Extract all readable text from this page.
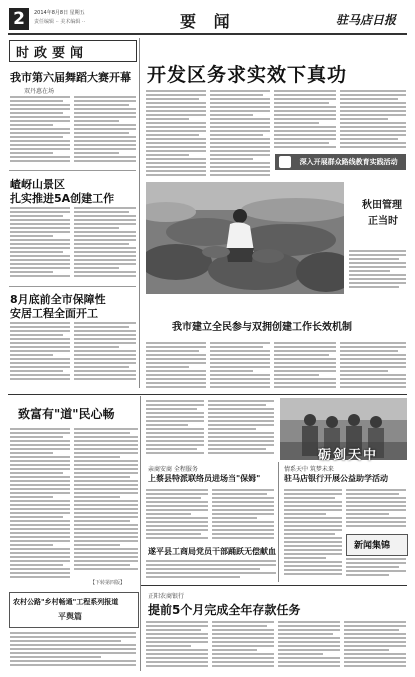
2	2014年8月8日 星期五
责任编辑 ·· 美术编辑 ··	要 闻	驻马店日报
时政要闻
我市第六届舞蹈大赛开幕
双丹惠在场
嵖岈山景区
扎实推进5A创建工作
8月底前全市保障性
安居工程全面开工
开发区务求实效下真功
$^{深入开展群众路线教育实践活动}$
秋田管理
正当时
我市建立全民参与双拥创建工作长效机制
致富有"道"民心畅
【下转第四版】
农村公路"乡村畅通"工程系列报道
平舆篇
砺剑天中
亲商安商 全程服务
上蔡县特派联络员进场当"保姆"
遂平县工商局党员干部踊跃无偿献血
情系天中 筑梦未来
驻马店银行开展公益助学活动
新闻集锦
正阳农商银行
提前5个月完成全年存款任务
